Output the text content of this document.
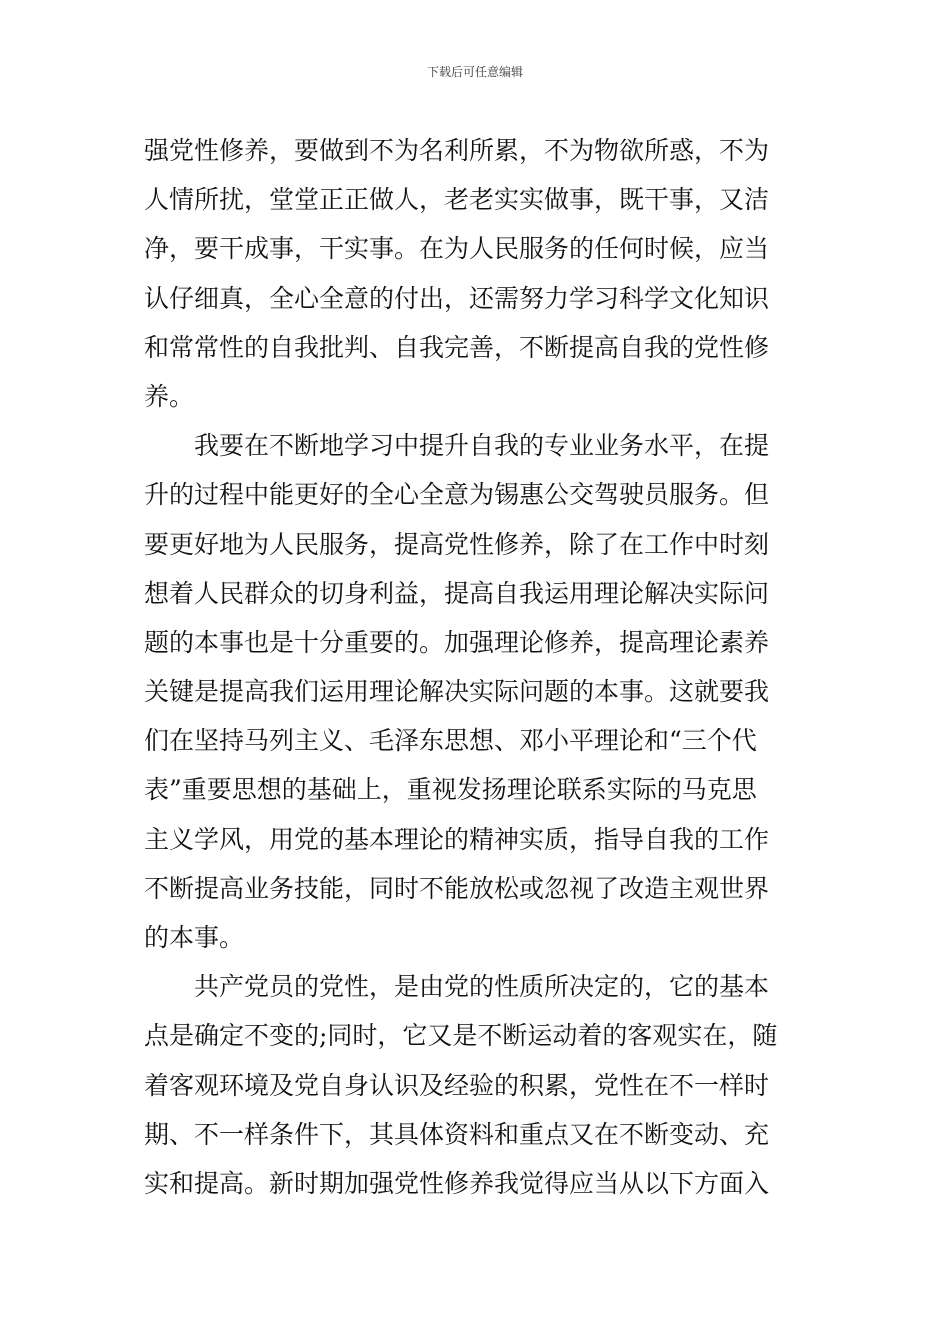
下载后可任意编辑
强党性修养，要做到不为名利所累，不为物欲所惑，不为
人情所扰，堂堂正正做人，老老实实做事，既干事，又洁
净，要干成事，干实事。在为人民服务的任何时候，应当
认仔细真，全心全意的付出，还需努力学习科学文化知识
和常常性的自我批判、自我完善，不断提高自我的党性修
养。
　　我要在不断地学习中提升自我的专业业务水平，在提
升的过程中能更好的全心全意为锡惠公交驾驶员服务。但
要更好地为人民服务，提高党性修养，除了在工作中时刻
想着人民群众的切身利益，提高自我运用理论解决实际问
题的本事也是十分重要的。加强理论修养，提高理论素养
关键是提高我们运用理论解决实际问题的本事。这就要我
们在坚持马列主义、毛泽东思想、邓小平理论和“三个代
表”重要思想的基础上，重视发扬理论联系实际的马克思
主义学风，用党的基本理论的精神实质，指导自我的工作
不断提高业务技能，同时不能放松或忽视了改造主观世界
的本事。
　　共产党员的党性，是由党的性质所决定的，它的基本
点是确定不变的;同时，它又是不断运动着的客观实在，随
着客观环境及党自身认识及经验的积累，党性在不一样时
期、不一样条件下，其具体资料和重点又在不断变动、充
实和提高。新时期加强党性修养我觉得应当从以下方面入
